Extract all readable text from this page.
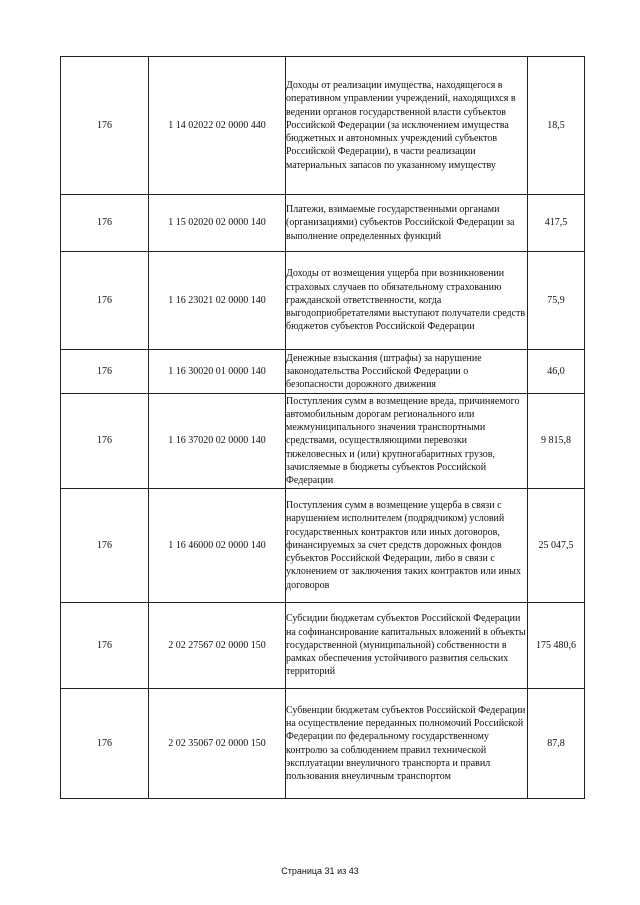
176	1 14 02022 02 0000 440	Доходы от реализации имущества, находящегося в оперативном управлении учреждений, находящихся в ведении органов государственной власти субъектов Российской Федерации (за исключением имущества бюджетных и автономных учреждений субъектов Российской Федерации), в части реализации материальных запасов по указанному имуществу	18,5
176	1 15 02020 02 0000 140	Платежи, взимаемые государственными органами (организациями) субъектов Российской Федерации за выполнение определенных функций	417,5
176	1 16 23021 02 0000 140	Доходы от возмещения ущерба при возникновении страховых случаев по обязательному страхованию гражданской ответственности, когда выгодоприобретателями выступают получатели средств бюджетов субъектов Российской Федерации	75,9
176	1 16 30020 01 0000 140	Денежные взыскания (штрафы) за нарушение законодательства Российской Федерации о безопасности дорожного движения	46,0
176	1 16 37020 02 0000 140	Поступления сумм в возмещение вреда, причиняемого автомобильным дорогам регионального или межмуниципального значения транспортными средствами, осуществляющими перевозки тяжеловесных и (или) крупногабаритных грузов, зачисляемые в бюджеты субъектов Российской Федерации	9 815,8
176	1 16 46000 02 0000 140	Поступления сумм в возмещение ущерба в связи с нарушением исполнителем (подрядчиком) условий государственных контрактов или иных договоров, финансируемых за счет средств дорожных фондов субъектов Российской Федерации, либо в связи с уклонением от заключения таких контрактов или иных договоров	25 047,5
176	2 02 27567 02 0000 150	Субсидии бюджетам субъектов Российской Федерации на софинансирование капитальных вложений в объекты государственной (муниципальной) собственности в рамках обеспечения устойчивого развития сельских территорий	175 480,6
176	2 02 35067 02 0000 150	Субвенции бюджетам субъектов Российской Федерации на осуществление переданных полномочий Российской Федерации по федеральному государственному контролю за соблюдением правил технической эксплуатации внеуличного транспорта и правил пользования внеуличным транспортом	87,8
Страница 31 из 43
